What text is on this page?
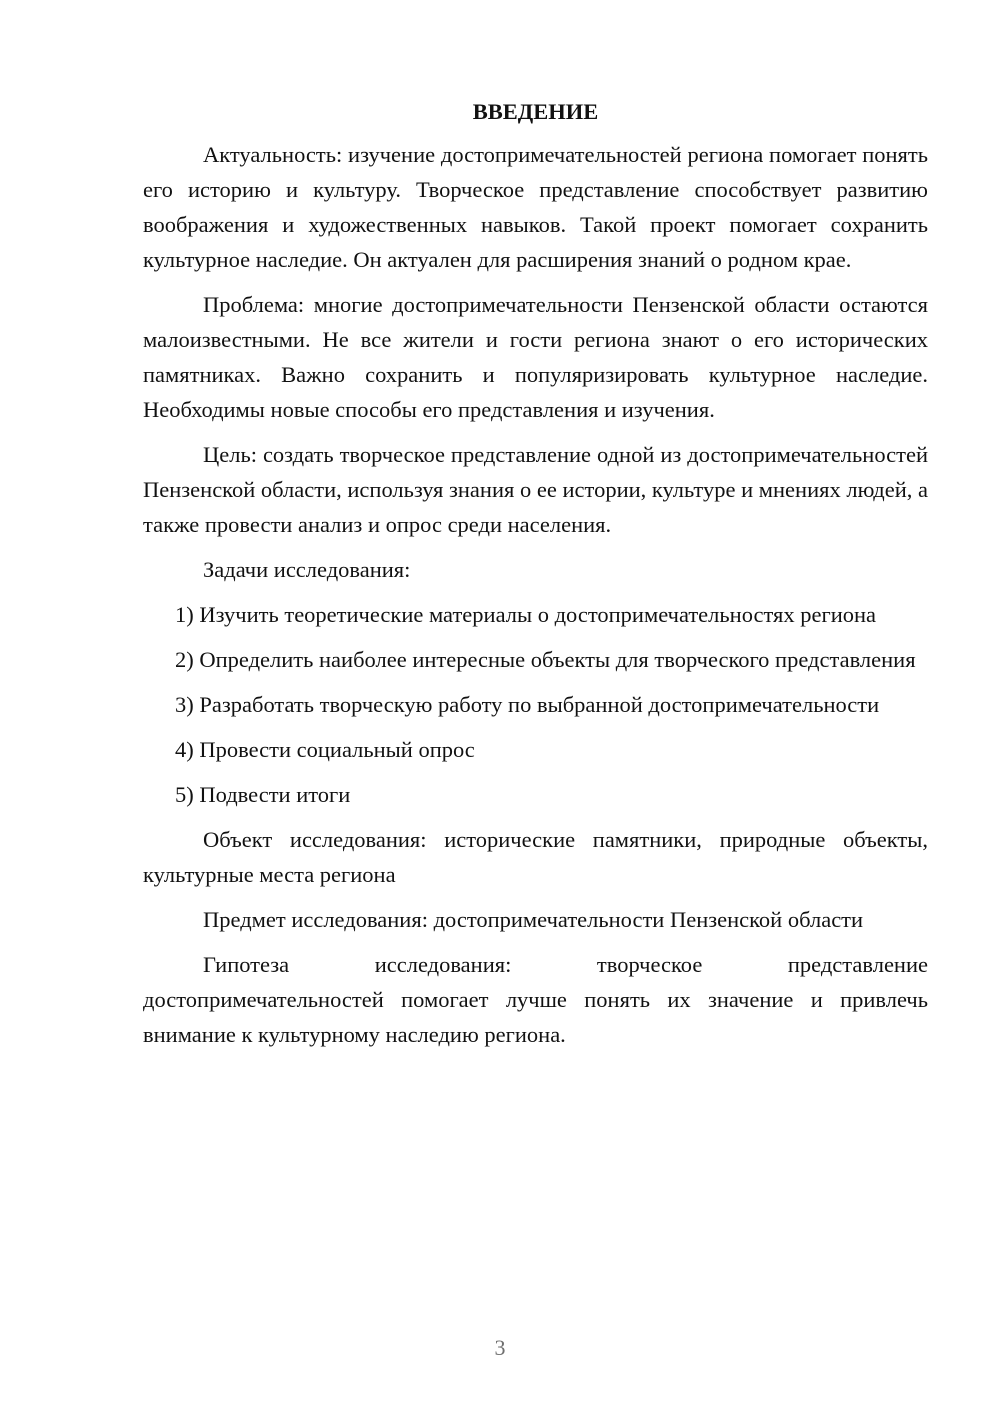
ВВЕДЕНИЕ

Актуальность: изучение достопримечательностей региона помогает понять его историю и культуру. Творческое представление способствует развитию воображения и художественных навыков. Такой проект помогает сохранить культурное наследие. Он актуален для расширения знаний о родном крае.

Проблема: многие достопримечательности Пензенской области остаются малоизвестными. Не все жители и гости региона знают о его исторических памятниках. Важно сохранить и популяризировать культурное наследие. Необходимы новые способы его представления и изучения.

Цель: создать творческое представление одной из достопримечательностей Пензенской области, используя знания о ее истории, культуре и мнениях людей, а также провести анализ и опрос среди населения.

Задачи исследования:

1) Изучить теоретические материалы о достопримечательностях региона

2) Определить наиболее интересные объекты для творческого представления

3) Разработать творческую работу по выбранной достопримечательности

4) Провести социальный опрос

5) Подвести итоги

Объект исследования: исторические памятники, природные объекты, культурные места региона

Предмет исследования: достопримечательности Пензенской области

Гипотеза исследования: творческое представление достопримечательностей помогает лучше понять их значение и привлечь внимание к культурному наследию региона.

3
